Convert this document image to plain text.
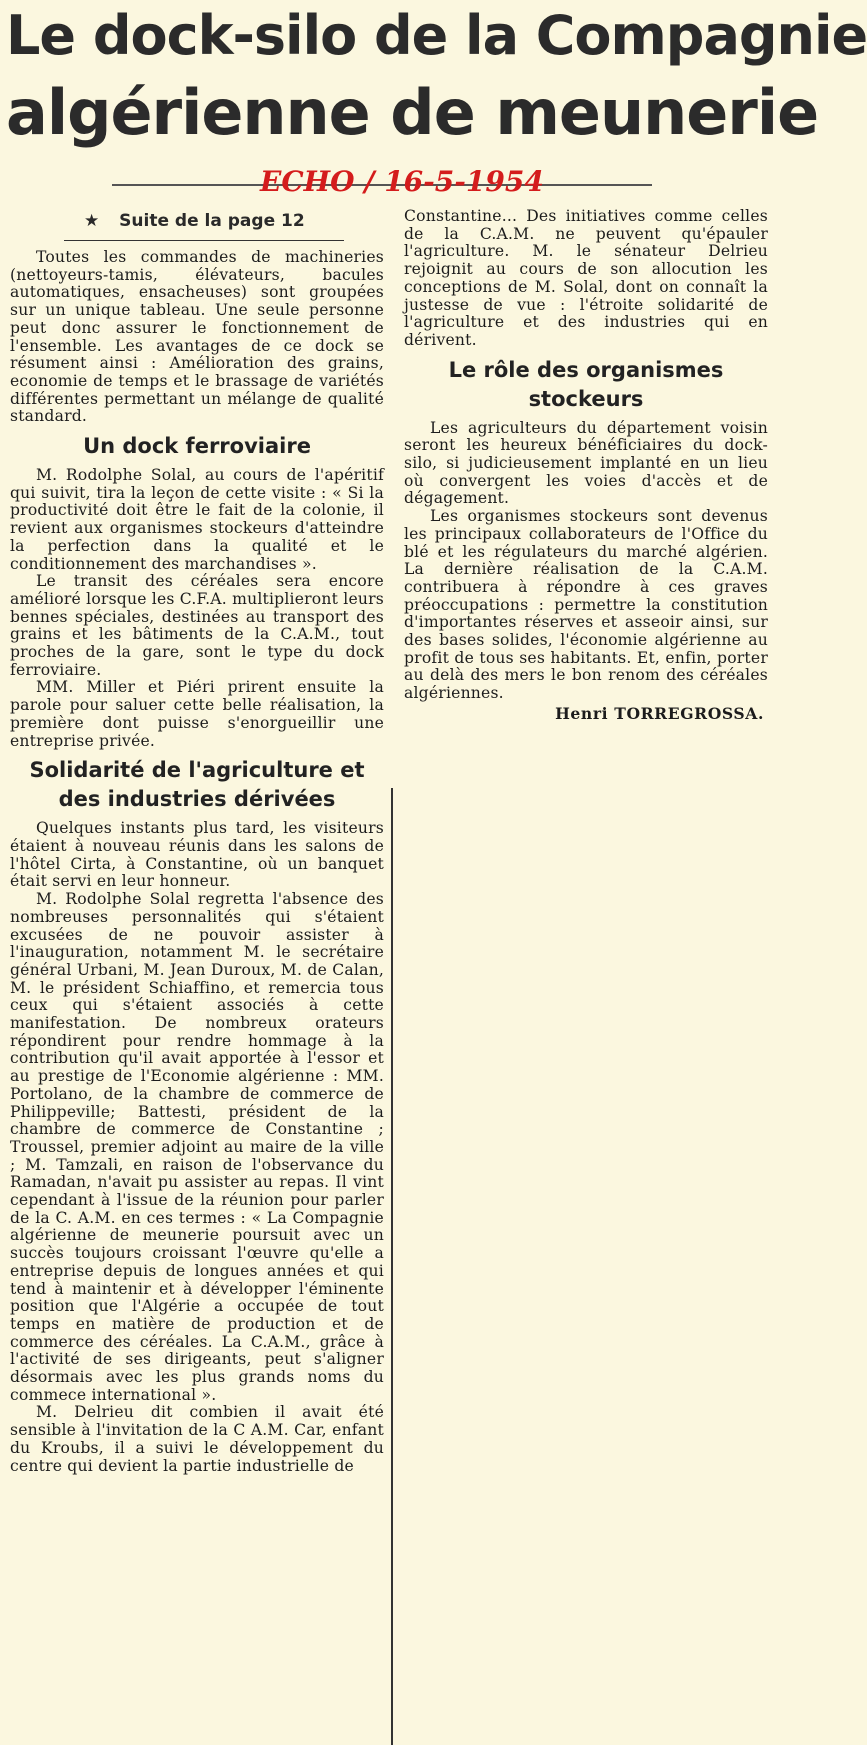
Le dock-silo de la Compagnie
algérienne de meunerie
ECHO / 16-5-1954
★ Suite de la page 12

Toutes les commandes de machineries (nettoyeurs-tamis, élévateurs, bacules automatiques, ensacheuses) sont groupées sur un unique tableau. Une seule personne peut donc assurer le fonctionnement de l'ensemble. Les avantages de ce dock se résument ainsi : Amélioration des grains, economie de temps et le brassage de variétés différentes permettant un mélange de qualité standard.

Un dock ferroviaire

M. Rodolphe Solal, au cours de l'apéritif qui suivit, tira la leçon de cette visite : « Si la productivité doit être le fait de la colonie, il revient aux organismes stockeurs d'atteindre la perfection dans la qualité et le conditionnement des marchandises ».

Le transit des céréales sera encore amélioré lorsque les C.F.A. multiplieront leurs bennes spéciales, destinées au transport des grains et les bâtiments de la C.A.M., tout proches de la gare, sont le type du dock ferroviaire.

MM. Miller et Piéri prirent ensuite la parole pour saluer cette belle réalisation, la première dont puisse s'enorgueillir une entreprise privée.

Solidarité de l'agriculture et des industries dérivées

Quelques instants plus tard, les visiteurs étaient à nouveau réunis dans les salons de l'hôtel Cirta, à Constantine, où un banquet était servi en leur honneur.

M. Rodolphe Solal regretta l'absence des nombreuses personnalités qui s'étaient excusées de ne pouvoir assister à l'inauguration, notamment M. le secrétaire général Urbani, M. Jean Duroux, M. de Calan, M. le président Schiaffino, et remercia tous ceux qui s'étaient associés à cette manifestation. De nombreux orateurs répondirent pour rendre hommage à la contribution qu'il avait apportée à l'essor et au prestige de l'Economie algérienne : MM. Portolano, de la chambre de commerce de Philippeville; Battesti, président de la chambre de commerce de Constantine ; Troussel, premier adjoint au maire de la ville ; M. Tamzali, en raison de l'observance du Ramadan, n'avait pu assister au repas. Il vint cependant à l'issue de la réunion pour parler de la C. A.M. en ces termes : « La Compagnie algérienne de meunerie poursuit avec un succès toujours croissant l'œuvre qu'elle a entreprise depuis de longues années et qui tend à maintenir et à développer l'éminente position que l'Algérie a occupée de tout temps en matière de production et de commerce des céréales. La C.A.M., grâce à l'activité de ses dirigeants, peut s'aligner désormais avec les plus grands noms du commece international ».

M. Delrieu dit combien il avait été sensible à l'invitation de la C A.M. Car, enfant du Kroubs, il a suivi le développement du centre qui devient la partie industrielle de

Constantine... Des initiatives comme celles de la C.A.M. ne peuvent qu'épauler l'agriculture. M. le sénateur Delrieu rejoignit au cours de son allocution les conceptions de M. Solal, dont on connaît la justesse de vue : l'étroite solidarité de l'agriculture et des industries qui en dérivent.

Le rôle des organismes stockeurs

Les agriculteurs du département voisin seront les heureux bénéficiaires du dock-silo, si judicieusement implanté en un lieu où convergent les voies d'accès et de dégagement.

Les organismes stockeurs sont devenus les principaux collaborateurs de l'Office du blé et les régulateurs du marché algérien. La dernière réalisation de la C.A.M. contribuera à répondre à ces graves préoccupations : permettre la constitution d'importantes réserves et asseoir ainsi, sur des bases solides, l'économie algérienne au profit de tous ses habitants. Et, enfin, porter au delà des mers le bon renom des céréales algériennes.

Henri TORREGROSSA.
